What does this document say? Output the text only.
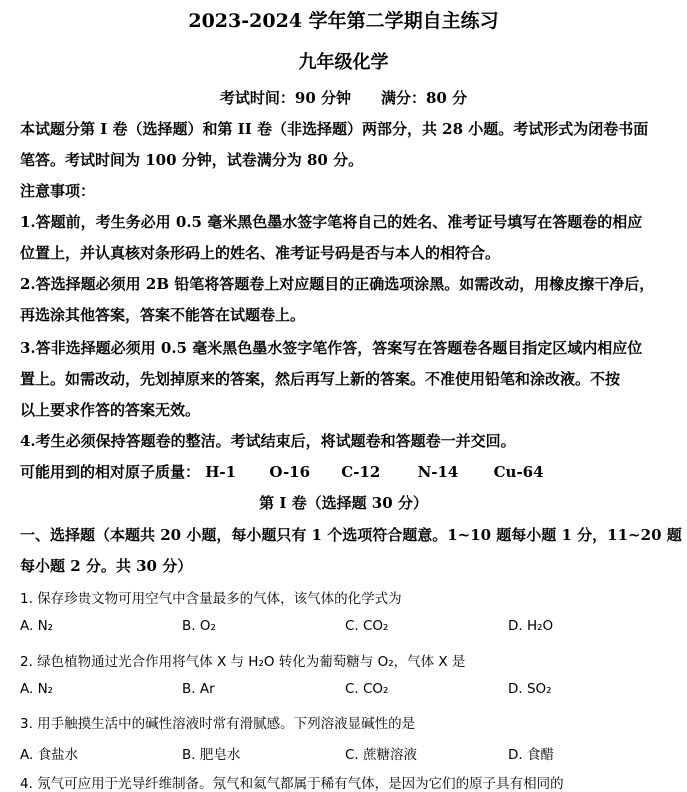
2023-2024 学年第二学期自主练习
九年级化学
考试时间：90 分钟　　满分：80 分
本试题分第 I 卷（选择题）和第 II 卷（非选择题）两部分，共 28 小题。考试形式为闭卷书面
笔答。考试时间为 100 分钟，试卷满分为 80 分。
注意事项：
1.答题前，考生务必用 0.5 毫米黑色墨水签字笔将自己的姓名、准考证号填写在答题卷的相应
位置上，并认真核对条形码上的姓名、准考证号码是否与本人的相符合。
2.答选择题必须用 2B 铅笔将答题卷上对应题目的正确选项涂黑。如需改动，用橡皮擦干净后，
再选涂其他答案，答案不能答在试题卷上。
3.答非选择题必须用 0.5 毫米黑色墨水签字笔作答，答案写在答题卷各题目指定区域内相应位
置上。如需改动，先划掉原来的答案，然后再写上新的答案。不准使用铅笔和涂改液。不按
以上要求作答的答案无效。
4.考生必须保持答题卷的整洁。考试结束后，将试题卷和答题卷一并交回。
可能用到的相对原子质量： H-1 O-16 C-12 N-14 Cu-64
第 I 卷（选择题 30 分）
一、选择题（本题共 20 小题，每小题只有 1 个选项符合题意。1~10 题每小题 1 分，11~20 题
每小题 2 分。共 30 分）
1. 保存珍贵文物可用空气中含量最多的气体，该气体的化学式为
A. N₂	B. O₂	C. CO₂	D. H₂O
2. 绿色植物通过光合作用将气体 X 与 H₂O 转化为葡萄糖与 O₂，气体 X 是
A. N₂	B. Ar	C. CO₂	D. SO₂
3. 用手触摸生活中的碱性溶液时常有滑腻感。下列溶液显碱性的是
A. 食盐水	B. 肥皂水	C. 蔗糖溶液	D. 食醋
4. 氖气可应用于光导纤维制备。氖气和氦气都属于稀有气体，是因为它们的原子具有相同的
